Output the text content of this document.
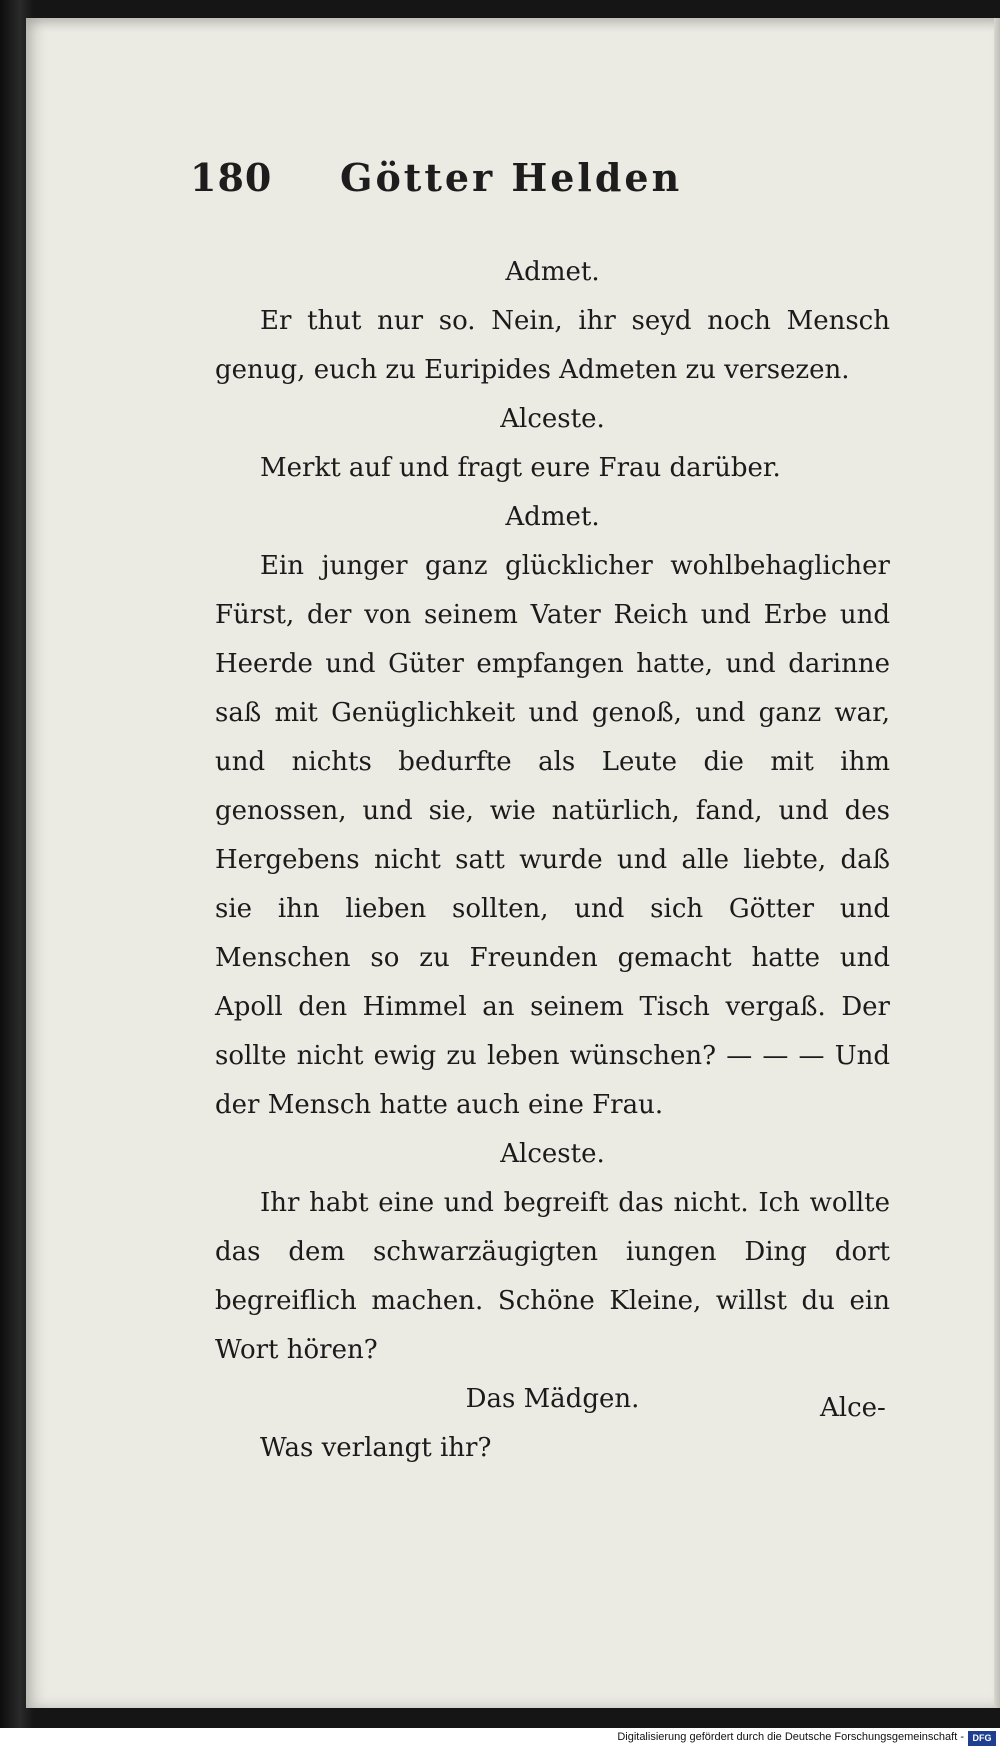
180 Götter Helden

Admet.

Er thut nur so. Nein, ihr seyd noch Mensch genug, euch zu Euripides Admeten zu versezen.

Alceste.

Merkt auf und fragt eure Frau darüber.

Admet.

Ein junger ganz glücklicher wohlbehaglicher Fürst, der von seinem Vater Reich und Erbe und Heerde und Güter empfangen hatte, und darinne saß mit Genüglichkeit und genoß, und ganz war, und nichts bedurfte als Leute die mit ihm genossen, und sie, wie natürlich, fand, und des Hergebens nicht satt wurde und alle liebte, daß sie ihn lieben sollten, und sich Götter und Menschen so zu Freunden gemacht hatte und Apoll den Himmel an seinem Tisch vergaß. Der sollte nicht ewig zu leben wünschen? — — — Und der Mensch hatte auch eine Frau.

Alceste.

Ihr habt eine und begreift das nicht. Ich wollte das dem schwarzäugigten iungen Ding dort begreiflich machen. Schöne Kleine, willst du ein Wort hören?

Das Mädgen.

Was verlangt ihr?

Alce-
Digitalisierung gefördert durch die Deutsche Forschungsgemeinschaft - DFG
